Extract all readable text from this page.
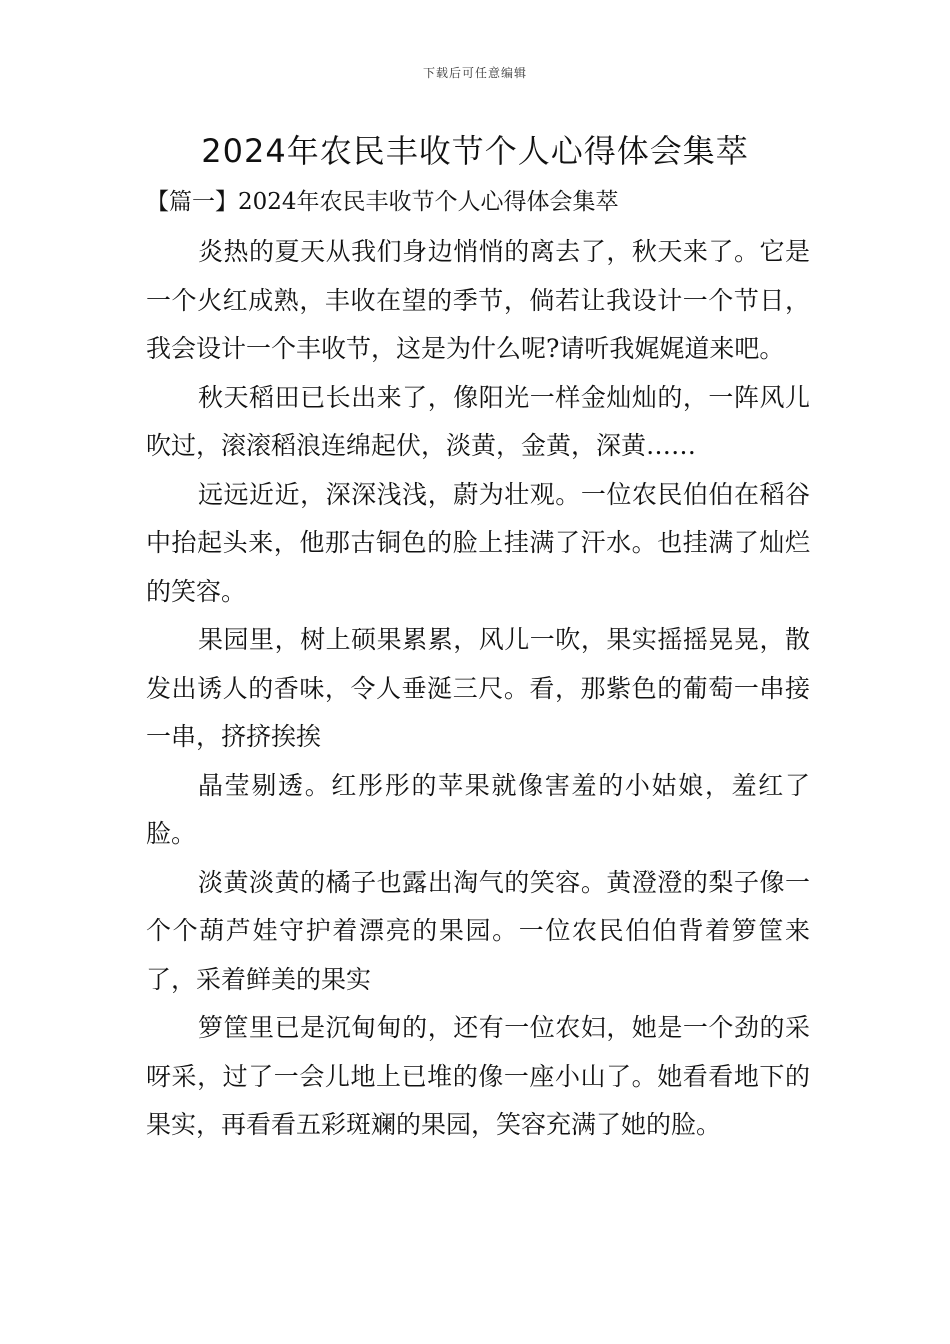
下载后可任意编辑
2024年农民丰收节个人心得体会集萃
【篇一】2024年农民丰收节个人心得体会集萃

炎热的夏天从我们身边悄悄的离去了，秋天来了。它是一个火红成熟，丰收在望的季节，倘若让我设计一个节日，我会设计一个丰收节，这是为什么呢?请听我娓娓道来吧。

秋天稻田已长出来了，像阳光一样金灿灿的，一阵风儿吹过，滚滚稻浪连绵起伏，淡黄，金黄，深黄……

远远近近，深深浅浅，蔚为壮观。一位农民伯伯在稻谷中抬起头来，他那古铜色的脸上挂满了汗水。也挂满了灿烂的笑容。

果园里，树上硕果累累，风儿一吹，果实摇摇晃晃，散发出诱人的香味，令人垂涎三尺。看，那紫色的葡萄一串接一串，挤挤挨挨

晶莹剔透。红彤彤的苹果就像害羞的小姑娘，羞红了脸。

淡黄淡黄的橘子也露出淘气的笑容。黄澄澄的梨子像一个个葫芦娃守护着漂亮的果园。一位农民伯伯背着箩筐来了，采着鲜美的果实

箩筐里已是沉甸甸的，还有一位农妇，她是一个劲的采呀采，过了一会儿地上已堆的像一座小山了。她看看地下的果实，再看看五彩斑斓的果园，笑容充满了她的脸。
